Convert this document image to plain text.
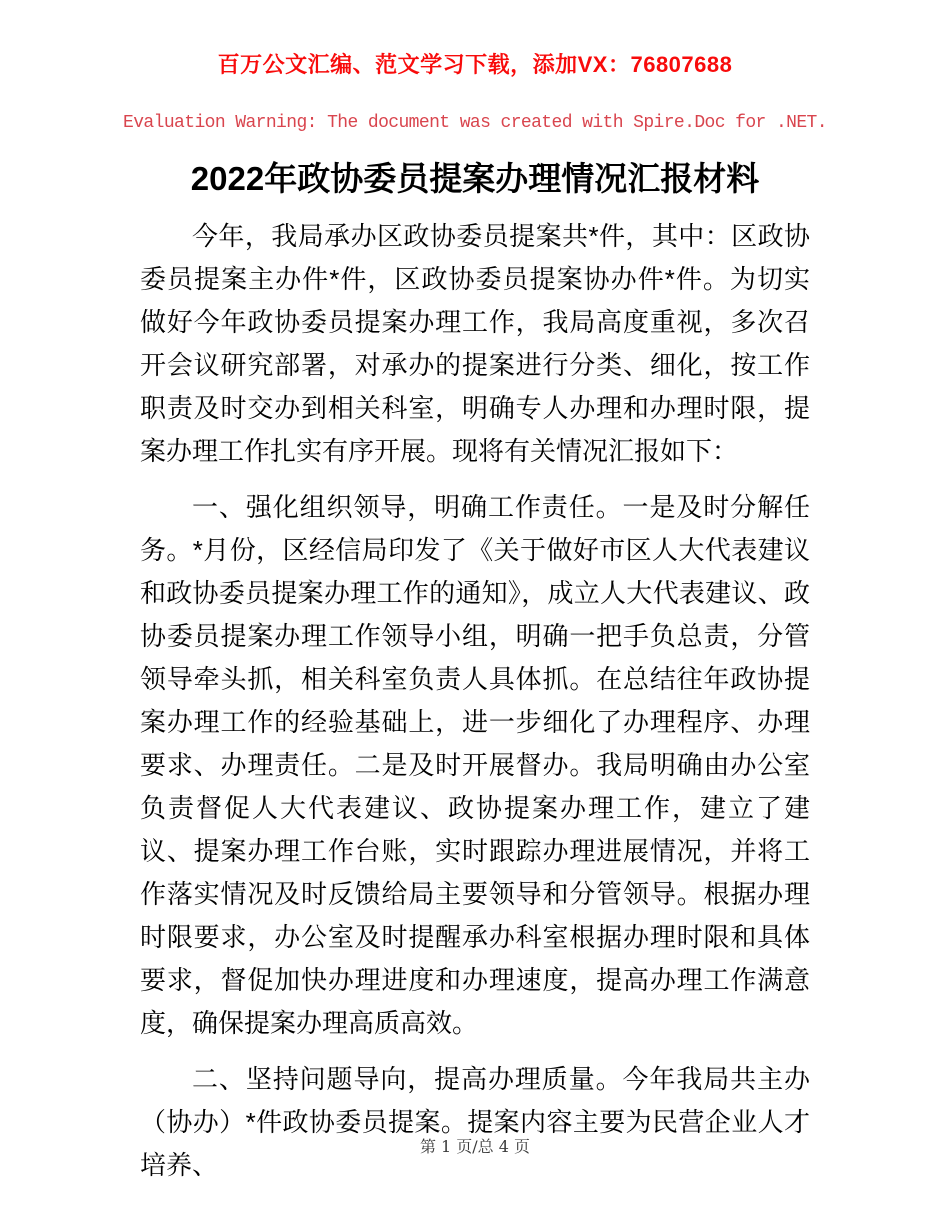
百万公文汇编、范文学习下载，添加VX：76807688
Evaluation Warning: The document was created with Spire.Doc for .NET.
2022年政协委员提案办理情况汇报材料

今年，我局承办区政协委员提案共*件，其中：区政协委员提案主办件*件，区政协委员提案协办件*件。为切实做好今年政协委员提案办理工作，我局高度重视，多次召开会议研究部署，对承办的提案进行分类、细化，按工作职责及时交办到相关科室，明确专人办理和办理时限，提案办理工作扎实有序开展。现将有关情况汇报如下：

一、强化组织领导，明确工作责任。一是及时分解任务。*月份，区经信局印发了《关于做好市区人大代表建议和政协委员提案办理工作的通知》，成立人大代表建议、政协委员提案办理工作领导小组，明确一把手负总责，分管领导牵头抓，相关科室负责人具体抓。在总结往年政协提案办理工作的经验基础上，进一步细化了办理程序、办理要求、办理责任。二是及时开展督办。我局明确由办公室负责督促人大代表建议、政协提案办理工作，建立了建议、提案办理工作台账，实时跟踪办理进展情况，并将工作落实情况及时反馈给局主要领导和分管领导。根据办理时限要求，办公室及时提醒承办科室根据办理时限和具体要求，督促加快办理进度和办理速度，提高办理工作满意度，确保提案办理高质高效。

二、坚持问题导向，提高办理质量。今年我局共主办（协办）*件政协委员提案。提案内容主要为民营企业人才培养、

第 1 页/总 4 页
